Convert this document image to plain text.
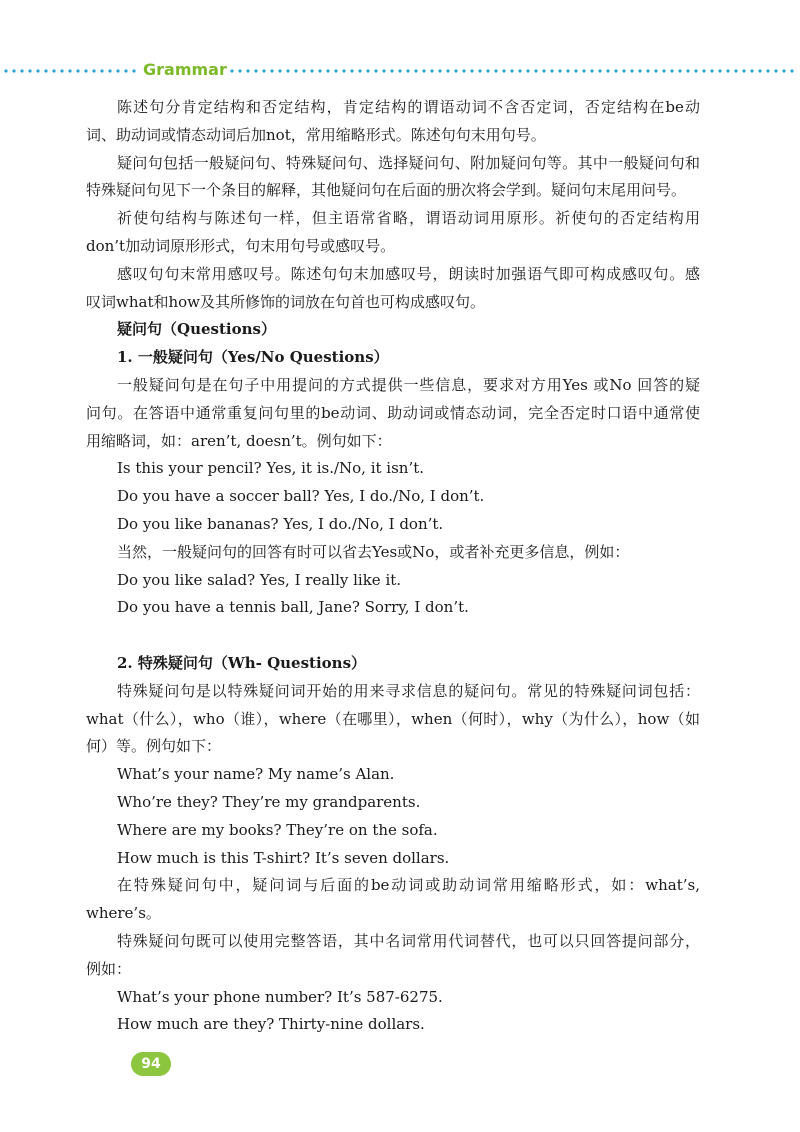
Grammar
陈述句分肯定结构和否定结构，肯定结构的谓语动词不含否定词，否定结构在be动
词、助动词或情态动词后加not，常用缩略形式。陈述句句末用句号。
疑问句包括一般疑问句、特殊疑问句、选择疑问句、附加疑问句等。其中一般疑问句和
特殊疑问句见下一个条目的解释，其他疑问句在后面的册次将会学到。疑问句末尾用问号。
祈使句结构与陈述句一样，但主语常省略，谓语动词用原形。祈使句的否定结构用
don’t加动词原形形式，句末用句号或感叹号。
感叹句句末常用感叹号。陈述句句末加感叹号，朗读时加强语气即可构成感叹句。感
叹词what和how及其所修饰的词放在句首也可构成感叹句。
疑问句（Questions）
1. 一般疑问句（Yes/No Questions）
一般疑问句是在句子中用提问的方式提供一些信息，要求对方用Yes 或No 回答的疑
问句。在答语中通常重复问句里的be动词、助动词或情态动词，完全否定时口语中通常使
用缩略词，如：aren’t, doesn’t。例句如下：
Is this your pencil? Yes, it is./No, it isn’t.
Do you have a soccer ball? Yes, I do./No, I don’t.
Do you like bananas? Yes, I do./No, I don’t.
当然，一般疑问句的回答有时可以省去Yes或No，或者补充更多信息，例如：
Do you like salad? Yes, I really like it.
Do you have a tennis ball, Jane? Sorry, I don’t.
2. 特殊疑问句（Wh- Questions）
特殊疑问句是以特殊疑问词开始的用来寻求信息的疑问句。常见的特殊疑问词包括：
what（什么），who（谁），where（在哪里），when（何时），why（为什么），how（如
何）等。例句如下：
What’s your name? My name’s Alan.
Who’re they? They’re my grandparents.
Where are my books? They’re on the sofa.
How much is this T-shirt? It’s seven dollars.
在特殊疑问句中，疑问词与后面的be动词或助动词常用缩略形式，如：what’s,
where’s。
特殊疑问句既可以使用完整答语，其中名词常用代词替代，也可以只回答提问部分，
例如：
What’s your phone number? It’s 587-6275.
How much are they? Thirty-nine dollars.
94
